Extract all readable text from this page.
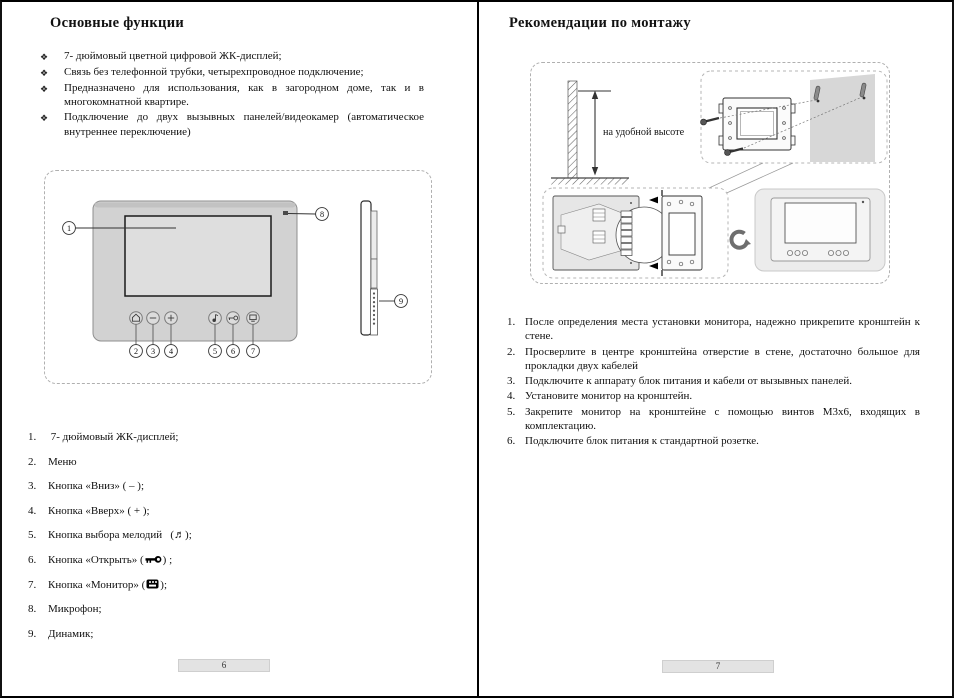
Основные функции
❖	7- дюймовый цветной цифровой ЖК-дисплей;
❖	Связь без телефонной трубки, четырехпроводное подключение;
❖	Предназначено для использования, как в загородном доме, так и в многокомнатной квартире.
❖	Подключение до двух вызывных панелей/видеокамер (автоматическое внутреннее переключение)
1
8
9
2 3 4	5 6 7
1.	7- дюймовый ЖК-дисплей;
2.	Меню
3.	Кнопка «Вниз» ( – );
4.	Кнопка «Вверх» ( + );
5.	Кнопка выбора мелодий   (♬);
6.	Кнопка «Открыть» ( ) ;
7.	Кнопка «Монитор» ( );
8.	Микрофон;
9.	Динамик;
6
Рекомендации по монтажу
на удобной высоте
1. После определения места установки монитора, надежно прикрепите кронштейн к стене.
2. Просверлите в центре кронштейна отверстие в стене, достаточно большое для прокладки двух кабелей
3. Подключите к аппарату блок питания и кабели от вызывных панелей.
4. Установите монитор на кронштейн.
5. Закрепите монитор на кронштейне с помощью винтов М3х6, входящих в комплектацию.
6. Подключите блок питания к стандартной розетке.
7
